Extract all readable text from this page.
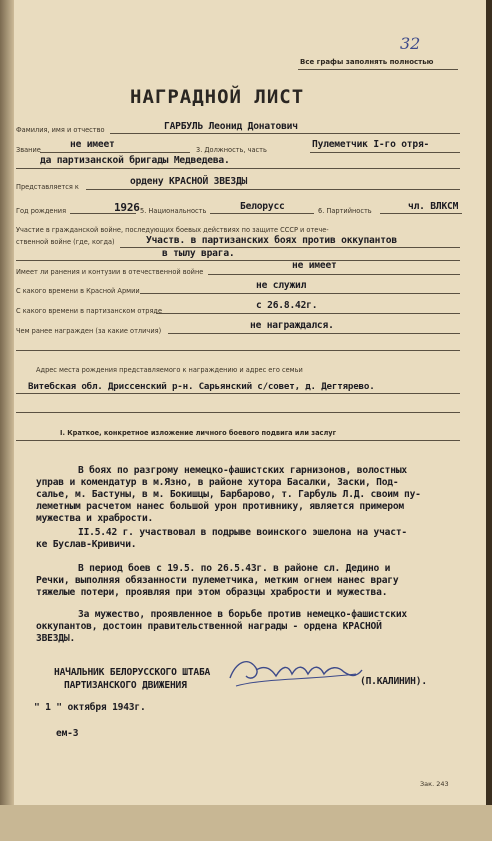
Все графы заполнять полностью
32
НАГРАДНОЙ ЛИСТ
Фамилия, имя и отчество	ГАРБУЛЬ Леонид Донатович
Звание	не имеет	3. Должность, часть	Пулеметчик I-го отря-
да партизанской бригады Медведева.
Представляется к	ордену КРАСНОЙ ЗВЕЗДЫ
Год рождения	1926 5. Национальность	Белорусс	6. Партийность	чл. ВЛКСМ
Участие в гражданской войне, последующих боевых действиях по защите СССР и отече-
ственной войне (где, когда)	Участв. в партизанских боях против оккупантов
в тылу врага.
Имеет ли ранения и контузии в отечественной войне
не имеет
С какого времени в Красной Армии	не служил
С какого времени в партизанском отряде	с 26.8.42г.
Чем ранее награжден (за какие отличия)	не награждался.
Адрес места рождения представляемого к награждению и адрес его семьи
Витебская обл. Дриссенский р-н. Сарьянский с/совет, д. Дегтярево.
I. Краткое, конкретное изложение личного боевого подвига или заслуг
В боях по разгрому немецко-фашистских гарнизонов, волостных
управ и комендатур в м.Язно, в районе хутора Басалки, Заски, Под-
салье, м. Бастуны, в м. Бокишцы, Барбарово, т. Гарбуль Л.Д. своим пу-
леметным расчетом нанес большой урон противнику, является примером
мужества и храбрости.
II.5.42 г. участвовал в подрыве воинского эшелона на участ-
ке Буслав-Кривичи.
В период боев с 19.5. по 26.5.43г. в районе сл. Дедино и
Речки, выполняя обязанности пулеметчика, метким огнем нанес врагу
тяжелые потери, проявляя при этом образцы храбрости и мужества.
За мужество, проявленное в борьбе против немецко-фашистских
оккупантов, достоин правительственной награды - ордена КРАСНОЙ
ЗВЕЗДЫ.
НАЧАЛЬНИК БЕЛОРУССКОГО ШТАБА
ПАРТИЗАНСКОГО ДВИЖЕНИЯ	(П.КАЛИНИН).
" 1 " октября 1943г.
ем-3
Зак. 243
